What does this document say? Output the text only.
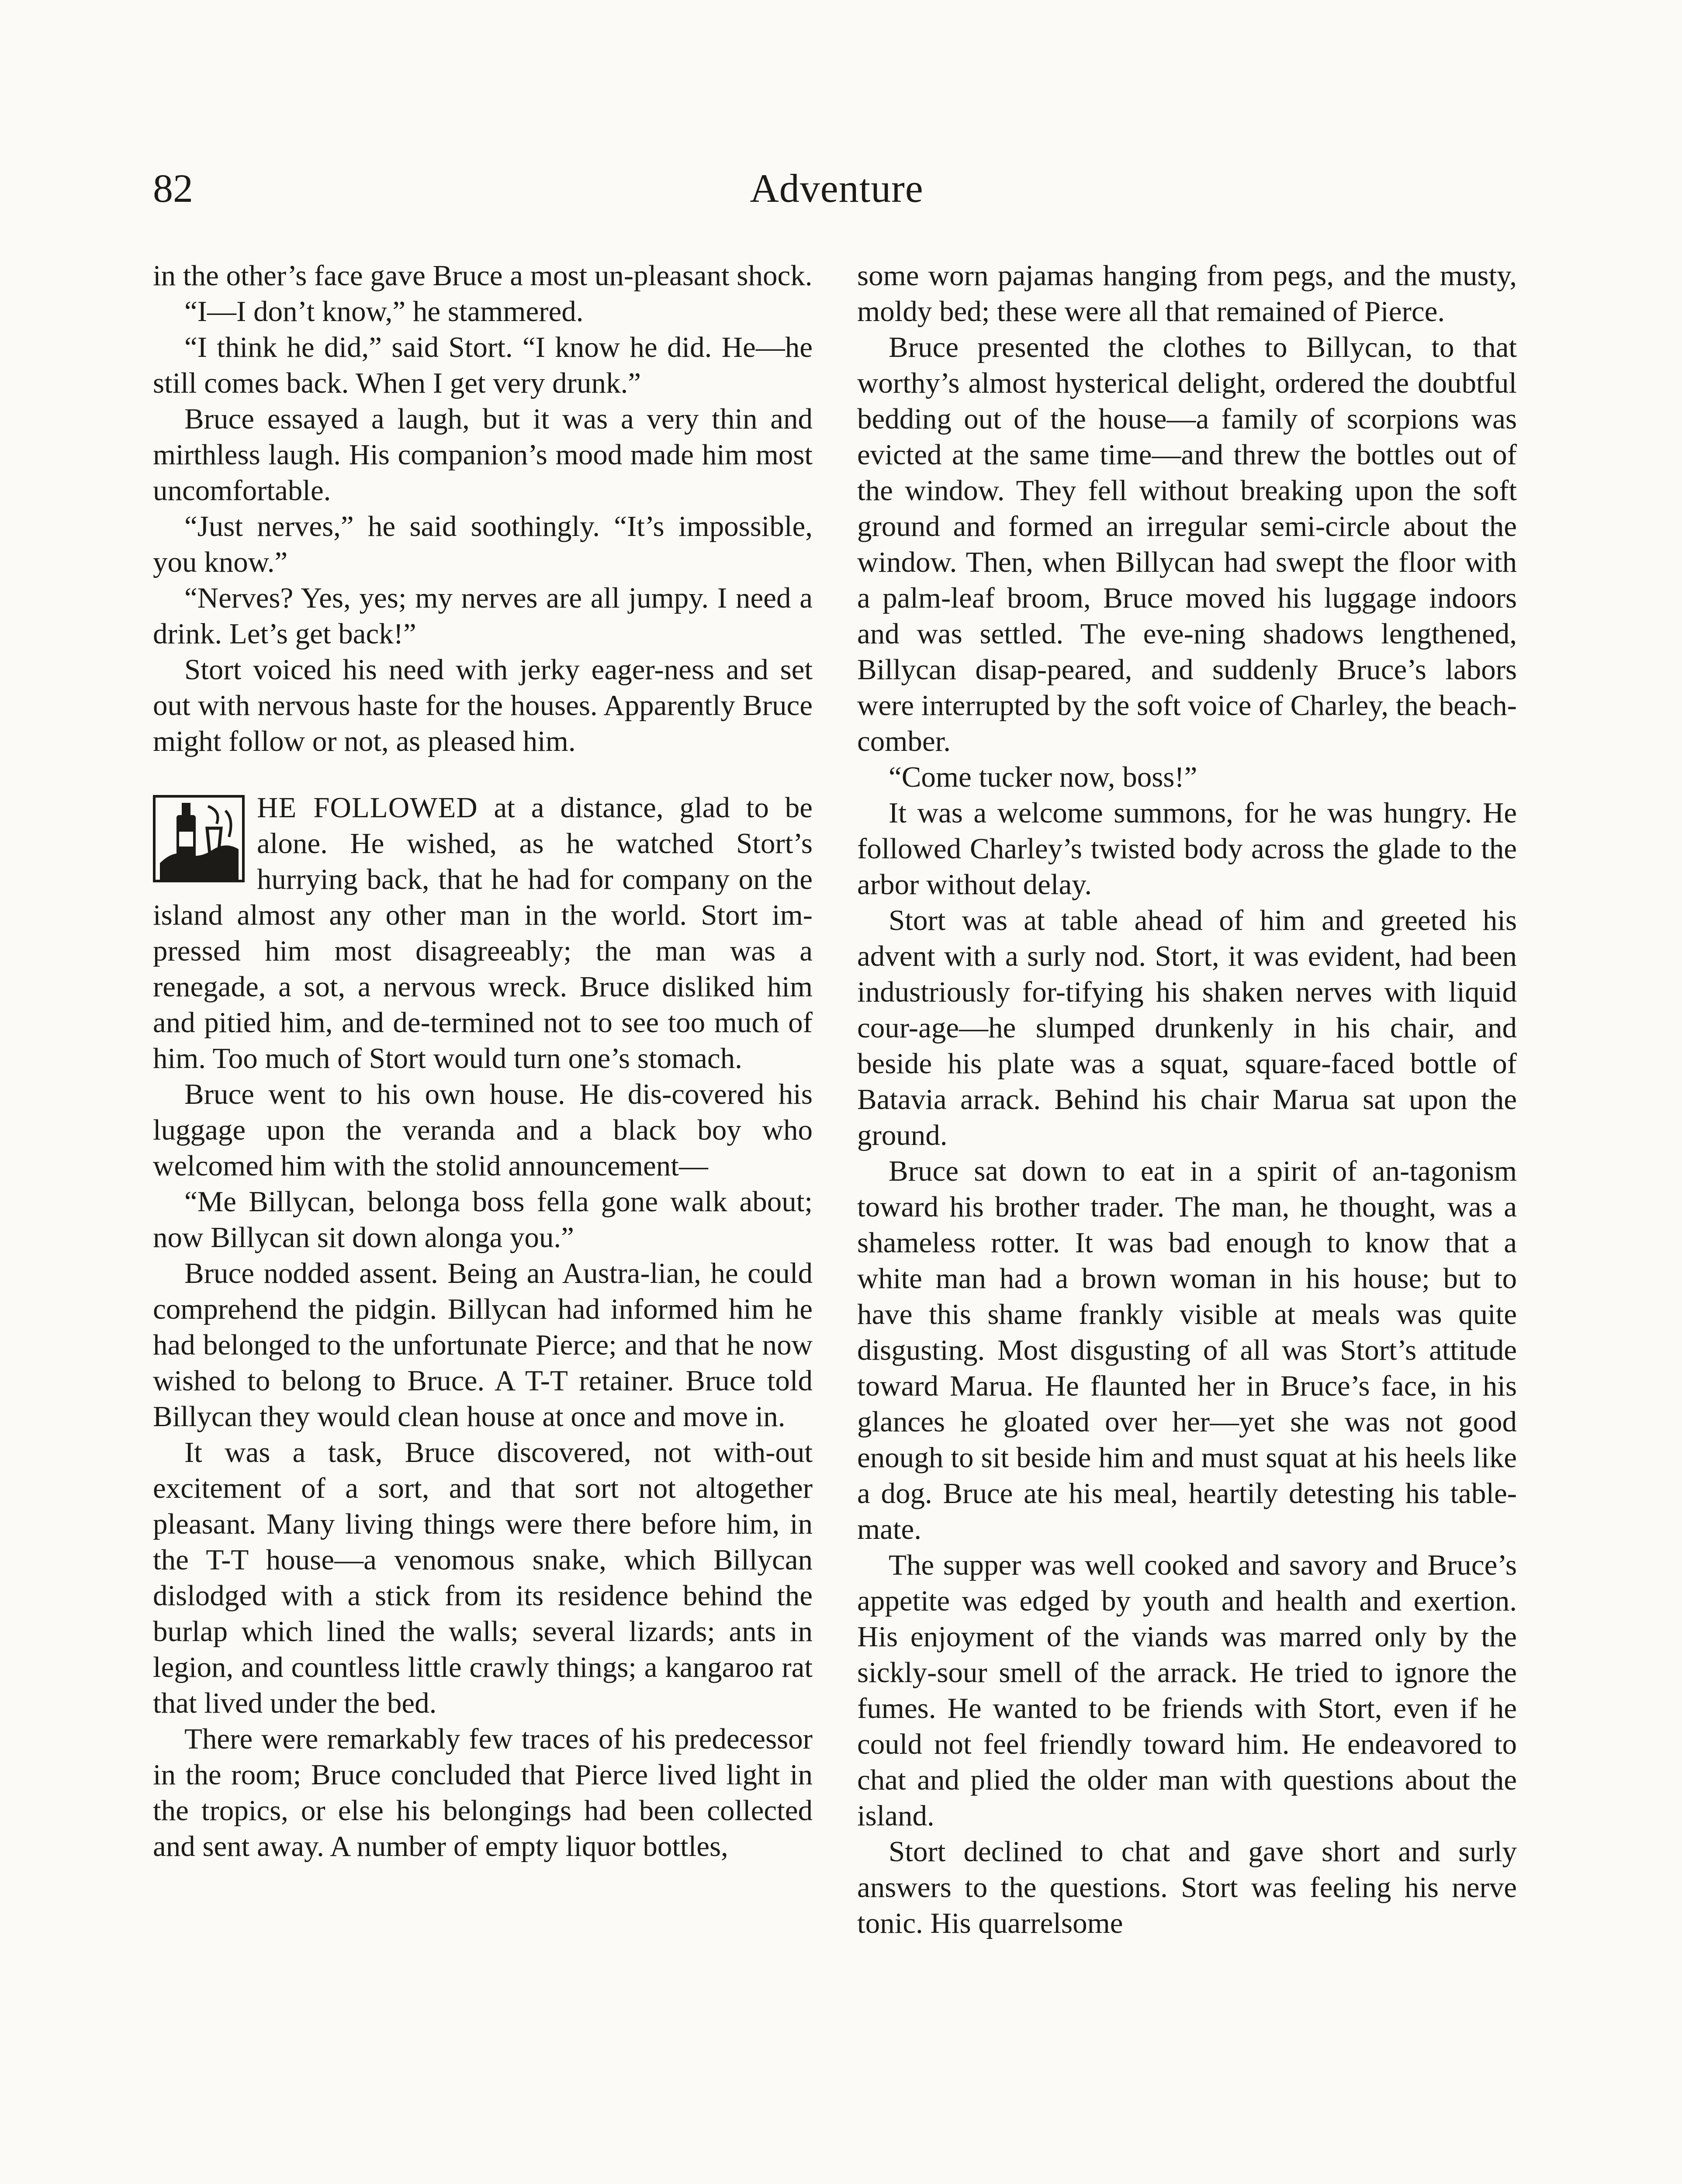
82	Adventure

in the other’s face gave Bruce a most un-pleasant shock.

“I—I don’t know,” he stammered.

“I think he did,” said Stort. “I know he did. He—he still comes back. When I get very drunk.”

Bruce essayed a laugh, but it was a very thin and mirthless laugh. His companion’s mood made him most uncomfortable.

“Just nerves,” he said soothingly. “It’s impossible, you know.”

“Nerves? Yes, yes; my nerves are all jumpy. I need a drink. Let’s get back!”

Stort voiced his need with jerky eager-ness and set out with nervous haste for the houses. Apparently Bruce might follow or not, as pleased him.

HE FOLLOWED at a distance, glad to be alone. He wished, as he watched Stort’s hurrying back, that he had for company on the island almost any other man in the world. Stort im-pressed him most disagreeably; the man was a renegade, a sot, a nervous wreck. Bruce disliked him and pitied him, and de-termined not to see too much of him. Too much of Stort would turn one’s stomach.

Bruce went to his own house. He dis-covered his luggage upon the veranda and a black boy who welcomed him with the stolid announcement—

“Me Billycan, belonga boss fella gone walk about; now Billycan sit down alonga you.”

Bruce nodded assent. Being an Austra-lian, he could comprehend the pidgin. Billycan had informed him he had belonged to the unfortunate Pierce; and that he now wished to belong to Bruce. A T-T retainer. Bruce told Billycan they would clean house at once and move in.

It was a task, Bruce discovered, not with-out excitement of a sort, and that sort not altogether pleasant. Many living things were there before him, in the T-T house—a venomous snake, which Billycan dislodged with a stick from its residence behind the burlap which lined the walls; several lizards; ants in legion, and countless little crawly things; a kangaroo rat that lived under the bed.

There were remarkably few traces of his predecessor in the room; Bruce concluded that Pierce lived light in the tropics, or else his belongings had been collected and sent away. A number of empty liquor bottles,

some worn pajamas hanging from pegs, and the musty, moldy bed; these were all that remained of Pierce.

Bruce presented the clothes to Billycan, to that worthy’s almost hysterical delight, ordered the doubtful bedding out of the house—a family of scorpions was evicted at the same time—and threw the bottles out of the window. They fell without breaking upon the soft ground and formed an irregular semi-circle about the window. Then, when Billycan had swept the floor with a palm-leaf broom, Bruce moved his luggage indoors and was settled. The eve-ning shadows lengthened, Billycan disap-peared, and suddenly Bruce’s labors were interrupted by the soft voice of Charley, the beach-comber.

“Come tucker now, boss!”

It was a welcome summons, for he was hungry. He followed Charley’s twisted body across the glade to the arbor without delay.

Stort was at table ahead of him and greeted his advent with a surly nod. Stort, it was evident, had been industriously for-tifying his shaken nerves with liquid cour-age—he slumped drunkenly in his chair, and beside his plate was a squat, square-faced bottle of Batavia arrack. Behind his chair Marua sat upon the ground.

Bruce sat down to eat in a spirit of an-tagonism toward his brother trader. The man, he thought, was a shameless rotter. It was bad enough to know that a white man had a brown woman in his house; but to have this shame frankly visible at meals was quite disgusting. Most disgusting of all was Stort’s attitude toward Marua. He flaunted her in Bruce’s face, in his glances he gloated over her—yet she was not good enough to sit beside him and must squat at his heels like a dog. Bruce ate his meal, heartily detesting his table-mate.

The supper was well cooked and savory and Bruce’s appetite was edged by youth and health and exertion. His enjoyment of the viands was marred only by the sickly-sour smell of the arrack. He tried to ignore the fumes. He wanted to be friends with Stort, even if he could not feel friendly toward him. He endeavored to chat and plied the older man with questions about the island.

Stort declined to chat and gave short and surly answers to the questions. Stort was feeling his nerve tonic. His quarrelsome
